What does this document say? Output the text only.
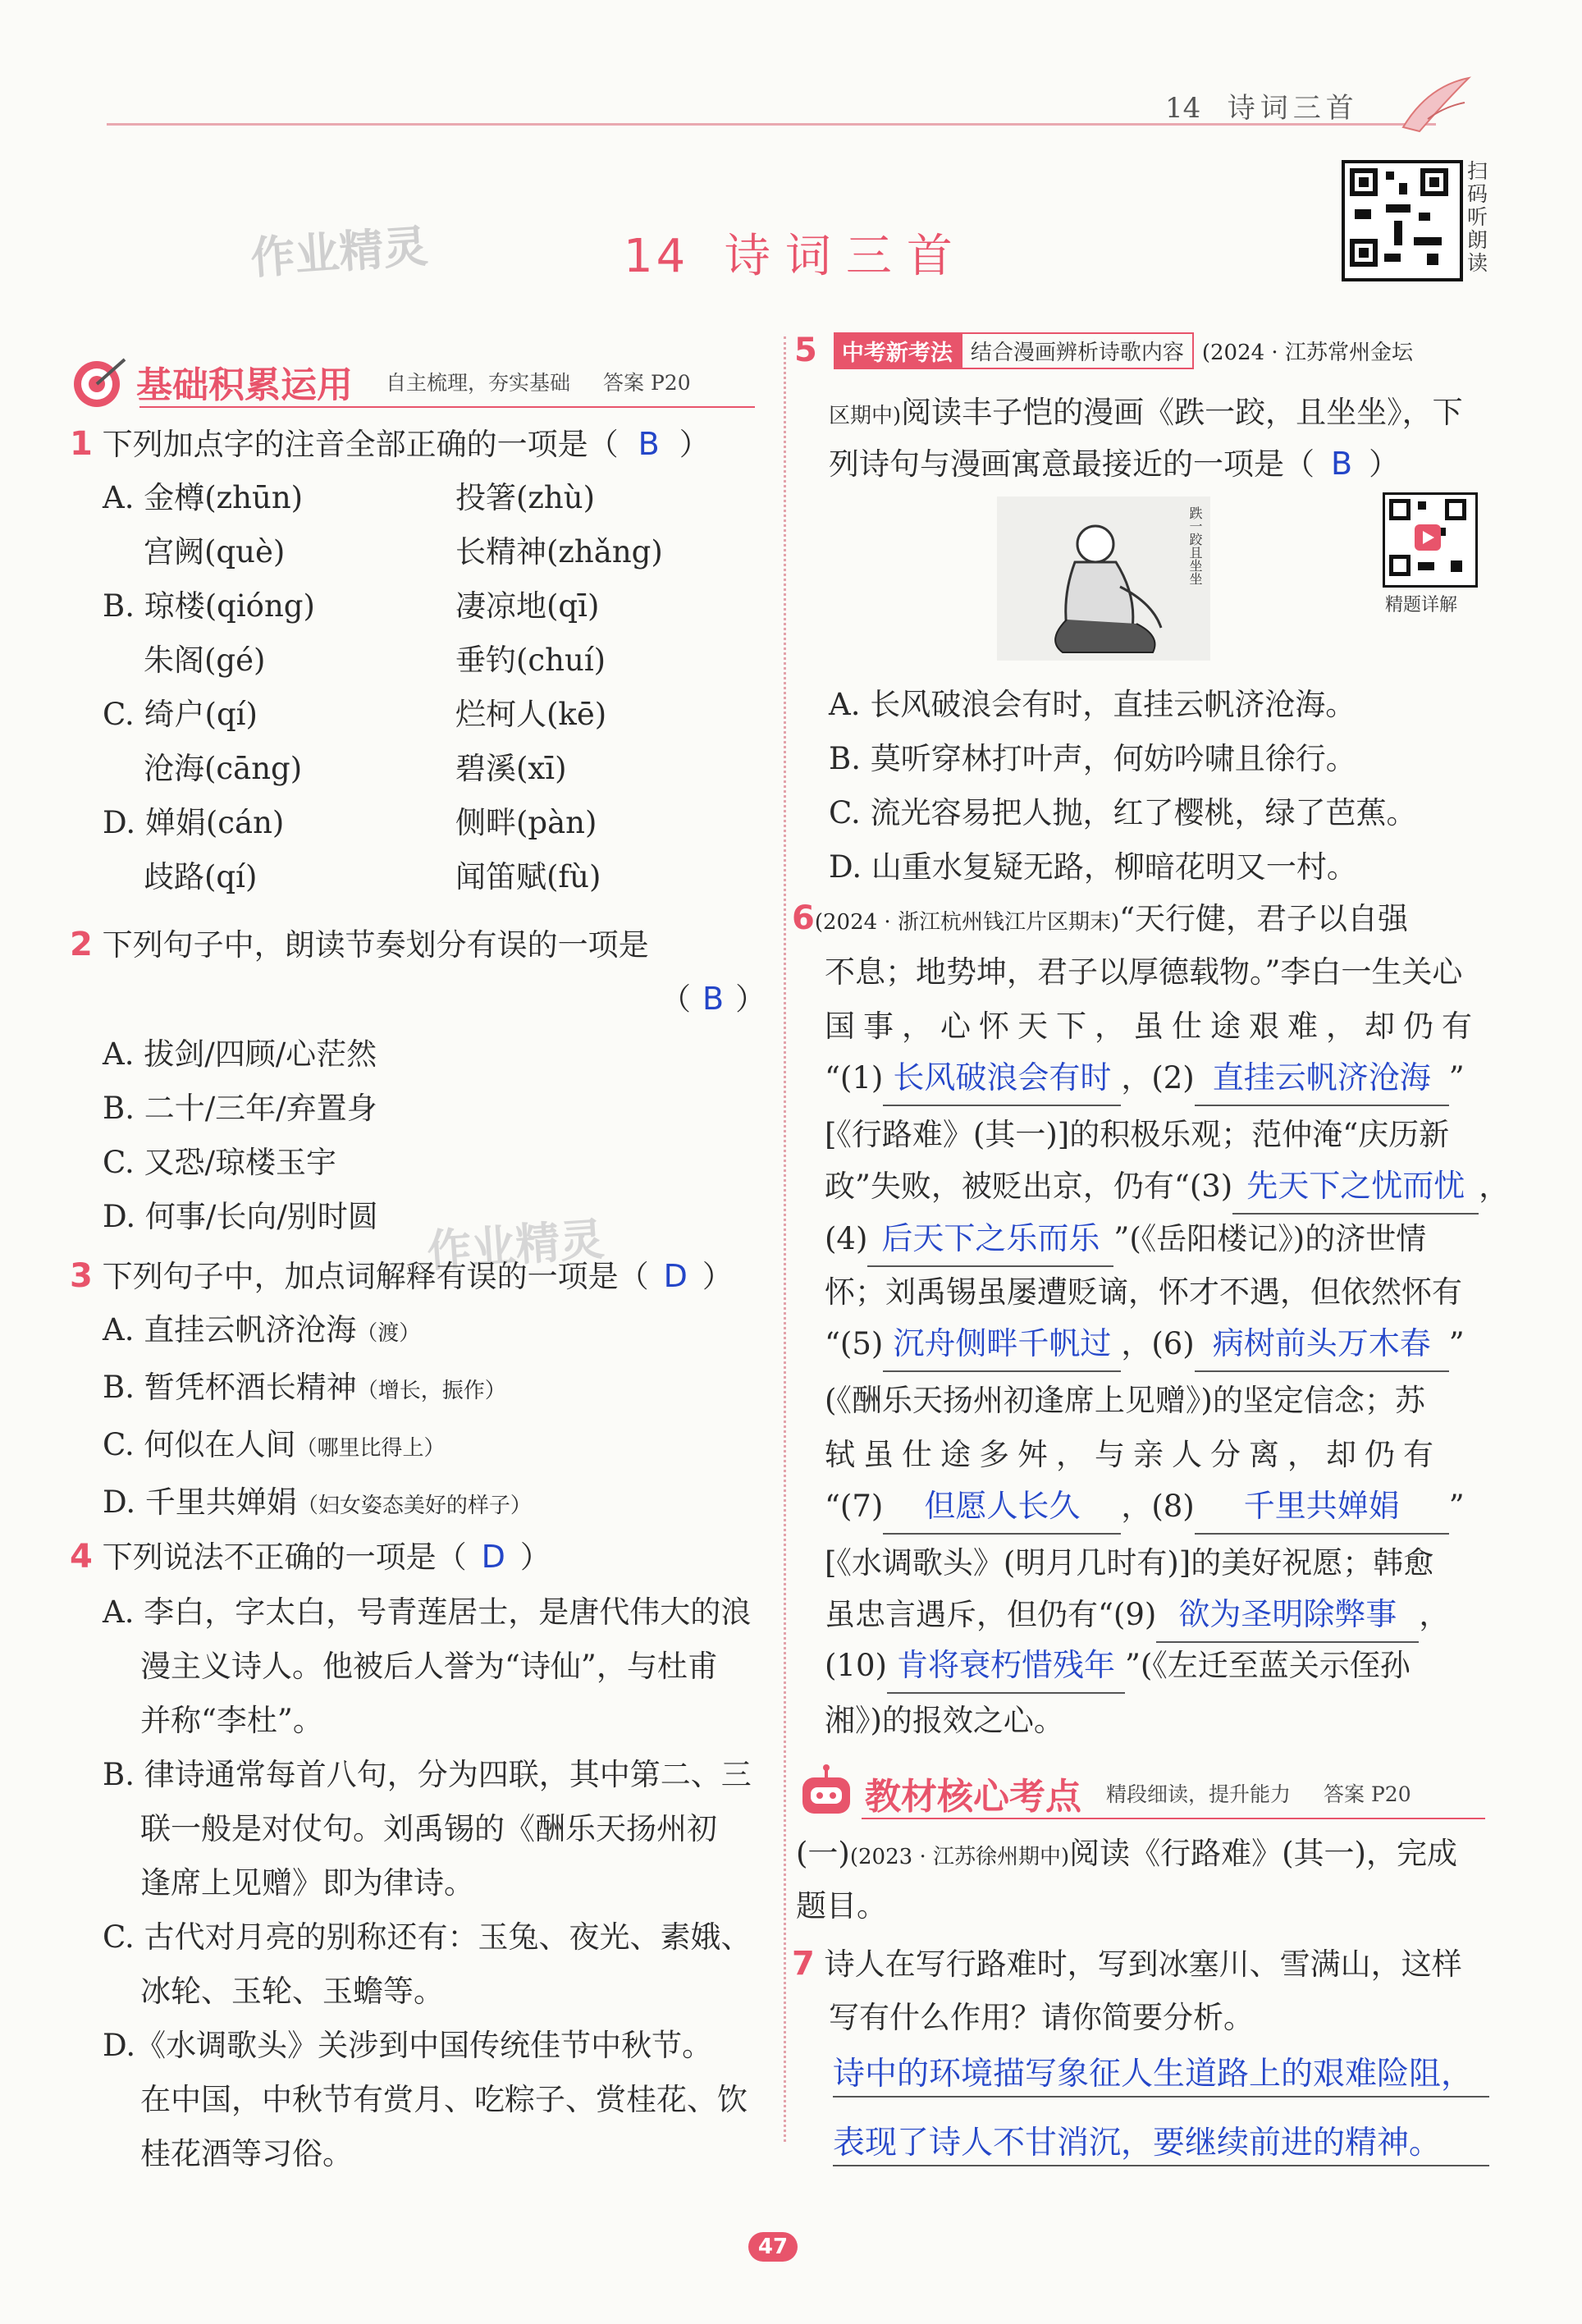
14 诗词三首
作业精灵
作业精灵
14 诗词三首
扫
码
听
朗
读
基础积累运用 自主梳理，夯实基础 答案 P20
1 下列加点字的注音全部正确的一项是（ B ）
A. 金樽(zhūn)	投箸(zhù)
宫阙(què)	长精神(zhǎng)
B. 琼楼(qióng)	凄凉地(qī)
朱阁(gé)	垂钓(chuí)
C. 绮户(qí)	烂柯人(kē)
沧海(cāng)	碧溪(xī)
D. 婵娟(cán)	侧畔(pàn)
歧路(qí)	闻笛赋(fù)
2 下列句子中，朗读节奏划分有误的一项是
（ B ）
A. 拔剑/四顾/心茫然
B. 二十/三年/弃置身
C. 又恐/琼楼玉宇
D. 何事/长向/别时圆
3 下列句子中，加点词解释有误的一项是（ D ）
A. 直挂云帆济沧海（渡）
B. 暂凭杯酒长精神（增长，振作）
C. 何似在人间（哪里比得上）
D. 千里共婵娟（妇女姿态美好的样子）
4 下列说法不正确的一项是（ D ）
A. 李白，字太白，号青莲居士，是唐代伟大的浪
漫主义诗人。他被后人誉为“诗仙”，与杜甫
并称“李杜”。
B. 律诗通常每首八句，分为四联，其中第二、三
联一般是对仗句。刘禹锡的《酬乐天扬州初
逢席上见赠》即为律诗。
C. 古代对月亮的别称还有：玉兔、夜光、素娥、
冰轮、玉轮、玉蟾等。
D.《水调歌头》关涉到中国传统佳节中秋节。
在中国，中秋节有赏月、吃粽子、赏桂花、饮
桂花酒等习俗。
5	中考新考法 结合漫画辨析诗歌内容 (2024 · 江苏常州金坛
区期中)阅读丰子恺的漫画《跌一跤，且坐坐》，下
列诗句与漫画寓意最接近的一项是（ B ）
跌一跤且坐坐
精题详解
A. 长风破浪会有时，直挂云帆济沧海。
B. 莫听穿林打叶声，何妨吟啸且徐行。
C. 流光容易把人抛，红了樱桃，绿了芭蕉。
D. 山重水复疑无路，柳暗花明又一村。
6(2024 · 浙江杭州钱江片区期末)“天行健，君子以自强
不息；地势坤，君子以厚德载物。”李白一生关心
国事，心怀天下，虽仕途艰难，却仍有
“(1) 长风破浪会有时 ，(2) 直挂云帆济沧海 ”
[《行路难》(其一)]的积极乐观；范仲淹“庆历新
政”失败，被贬出京，仍有“(3) 先天下之忧而忧 ，
(4) 后天下之乐而乐 ”(《岳阳楼记》)的济世情
怀；刘禹锡虽屡遭贬谪，怀才不遇，但依然怀有
“(5) 沉舟侧畔千帆过 ，(6) 病树前头万木春 ”
(《酬乐天扬州初逢席上见赠》)的坚定信念；苏
轼虽仕途多舛，与亲人分离，却仍有
“(7) 但愿人长久 ，(8) 千里共婵娟 ”
[《水调歌头》(明月几时有)]的美好祝愿；韩愈
虽忠言遇斥，但仍有“(9) 欲为圣明除弊事 ，
(10) 肯将衰朽惜残年 ”(《左迁至蓝关示侄孙
湘》)的报效之心。
教材核心考点 精段细读，提升能力 答案 P20
(一)(2023 · 江苏徐州期中)阅读《行路难》(其一)，完成
题目。
7 诗人在写行路难时，写到冰塞川、雪满山，这样
写有什么作用？请你简要分析。
诗中的环境描写象征人生道路上的艰难险阻，
表现了诗人不甘消沉，要继续前进的精神。
47
